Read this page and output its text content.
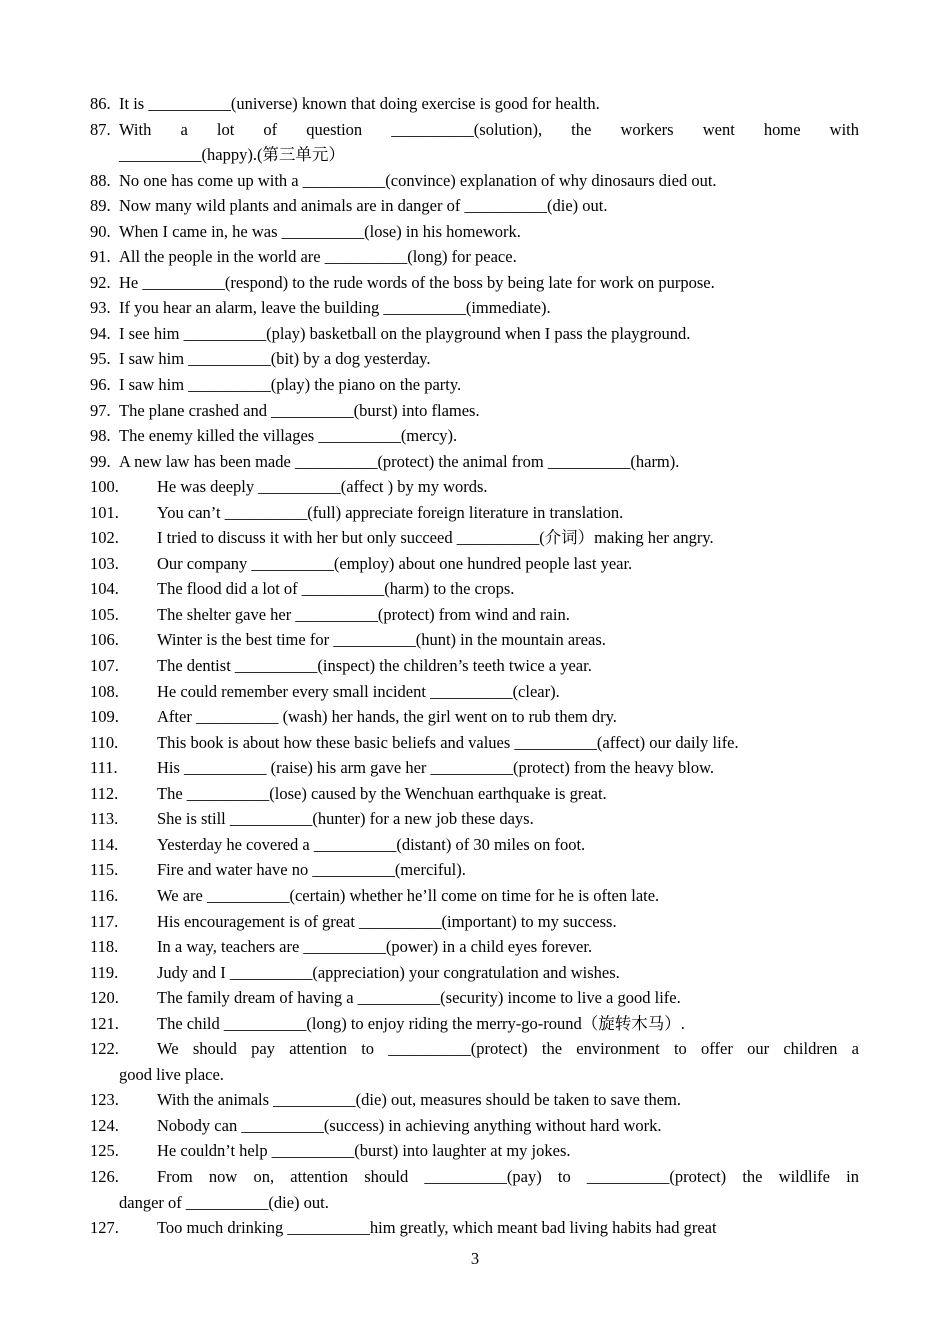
86. It is __________(universe) known that doing exercise is good for health.
87. With a lot of question __________(solution), the workers went home with
__________(happy).(第三单元）
88. No one has come up with a __________(convince) explanation of why dinosaurs died out.
89. Now many wild plants and animals are in danger of __________(die) out.
90. When I came in, he was __________(lose) in his homework.
91. All the people in the world are __________(long) for peace.
92. He __________(respond) to the rude words of the boss by being late for work on purpose.
93. If you hear an alarm, leave the building __________(immediate).
94. I see him __________(play) basketball on the playground when I pass the playground.
95. I saw him __________(bit) by a dog yesterday.
96. I saw him __________(play) the piano on the party.
97. The plane crashed and __________(burst) into flames.
98. The enemy killed the villages __________(mercy).
99. A new law has been made __________(protect) the animal from __________(harm).
100. He was deeply __________(affect ) by my words.
101. You can’t __________(full) appreciate foreign literature in translation.
102. I tried to discuss it with her but only succeed __________(介词）making her angry.
103. Our company __________(employ) about one hundred people last year.
104. The flood did a lot of __________(harm) to the crops.
105. The shelter gave her __________(protect) from wind and rain.
106. Winter is the best time for __________(hunt) in the mountain areas.
107. The dentist __________(inspect) the children’s teeth twice a year.
108. He could remember every small incident __________(clear).
109. After __________ (wash) her hands, the girl went on to rub them dry.
110. This book is about how these basic beliefs and values __________(affect) our daily life.
111. His __________ (raise) his arm gave her __________(protect) from the heavy blow.
112. The __________(lose) caused by the Wenchuan earthquake is great.
113. She is still __________(hunter) for a new job these days.
114. Yesterday he covered a __________(distant) of 30 miles on foot.
115. Fire and water have no __________(merciful).
116. We are __________(certain) whether he’ll come on time for he is often late.
117. His encouragement is of great __________(important) to my success.
118. In a way, teachers are __________(power) in a child eyes forever.
119. Judy and I __________(appreciation) your congratulation and wishes.
120. The family dream of having a __________(security) income to live a good life.
121. The child __________(long) to enjoy riding the merry-go-round（旋转木马）.
122. We should pay attention to __________(protect) the environment to offer our children a
good live place.
123. With the animals __________(die) out, measures should be taken to save them.
124. Nobody can __________(success) in achieving anything without hard work.
125. He couldn’t help __________(burst) into laughter at my jokes.
126. From now on, attention should __________(pay) to __________(protect) the wildlife in
danger of __________(die) out.
127. Too much drinking __________him greatly, which meant bad living habits had great
3
